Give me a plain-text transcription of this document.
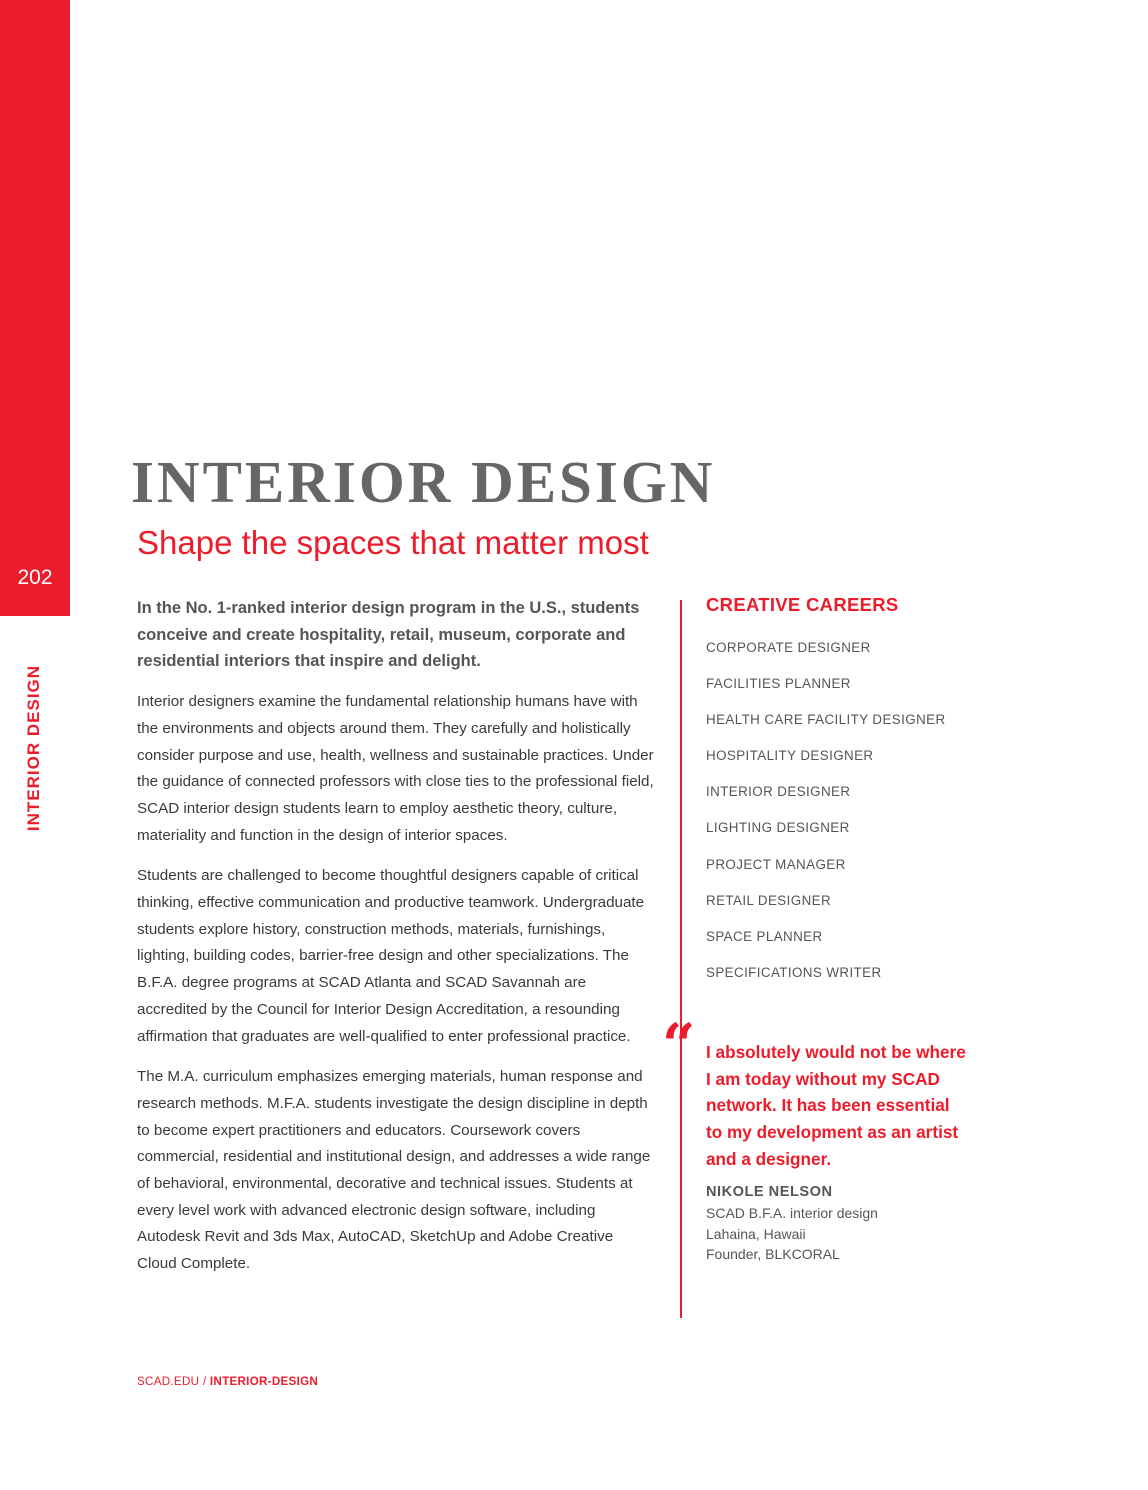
202
INTERIOR DESIGN
INTERIOR DESIGN
Shape the spaces that matter most

In the No. 1-ranked interior design program in the U.S., students conceive and create hospitality, retail, museum, corporate and residential interiors that inspire and delight.

Interior designers examine the fundamental relationship humans have with the environments and objects around them. They carefully and holistically consider purpose and use, health, wellness and sustainable practices. Under the guidance of connected professors with close ties to the professional field, SCAD interior design students learn to employ aesthetic theory, culture, materiality and function in the design of interior spaces.

Students are challenged to become thoughtful designers capable of critical thinking, effective communication and productive teamwork. Undergraduate students explore history, construction methods, materials, furnishings, lighting, building codes, barrier-free design and other specializations. The B.F.A. degree programs at SCAD Atlanta and SCAD Savannah are accredited by the Council for Interior Design Accreditation, a resounding affirmation that graduates are well-qualified to enter professional practice.

The M.A. curriculum emphasizes emerging materials, human response and research methods. M.F.A. students investigate the design discipline in depth to become expert practitioners and educators. Coursework covers commercial, residential and institutional design, and addresses a wide range of behavioral, environmental, decorative and technical issues. Students at every level work with advanced electronic design software, including Autodesk Revit and 3ds Max, AutoCAD, SketchUp and Adobe Creative Cloud Complete.

CREATIVE CAREERS
CORPORATE DESIGNER
FACILITIES PLANNER
HEALTH CARE FACILITY DESIGNER
HOSPITALITY DESIGNER
INTERIOR DESIGNER
LIGHTING DESIGNER
PROJECT MANAGER
RETAIL DESIGNER
SPACE PLANNER
SPECIFICATIONS WRITER
“ I absolutely would not be where I am today without my SCAD network. It has been essential to my development as an artist and a designer.

NIKOLE NELSON

SCAD B.F.A. interior design

Lahaina, Hawaii

Founder, BLKCORAL

SCAD.EDU / INTERIOR-DESIGN
